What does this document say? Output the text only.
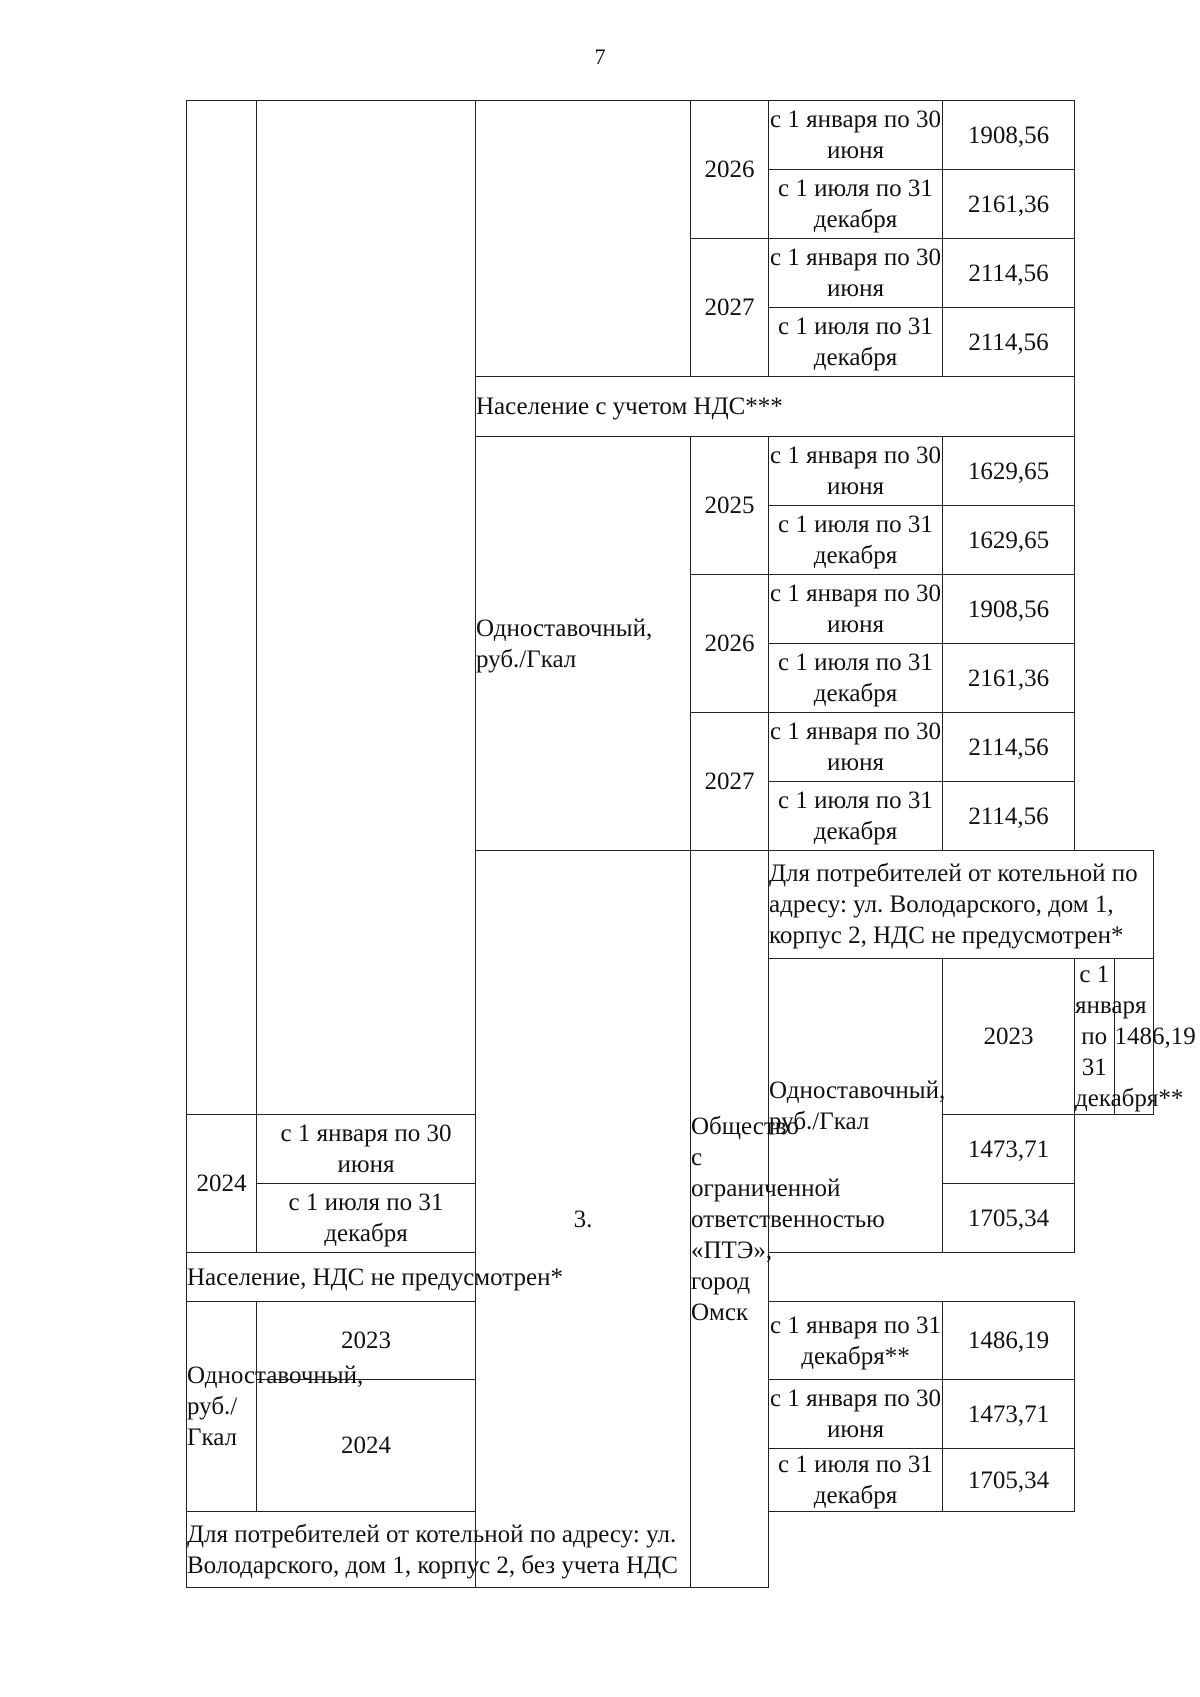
7
			2026	с 1 января по 30 июня	1908,56		
				с 1 июля по 31 декабря	2161,36		
			2027	с 1 января по 30 июня	2114,56		
				с 1 июля по 31 декабря	2114,56		
		Население с учетом НДС***					
		Одноставочный, руб./Гкал	2025	с 1 января по 30 июня	1629,65		
				с 1 июля по 31 декабря	1629,65		
			2026	с 1 января по 30 июня	1908,56		
				с 1 июля по 31 декабря	2161,36		
			2027	с 1 января по 30 июня	2114,56		
				с 1 июля по 31 декабря	2114,56		
		3.	Общество с ограниченной ответственностью «ПТЭ», город Омск	Для потребителей от котельной по адресу: ул. Володарского, дом 1, корпус 2, НДС не предусмотрен*			
				Одноставочный, руб./Гкал	2023	с 1 января по 31 декабря**	1486,19
2024	с 1 января по 30 июня				1473,71		
	с 1 июля по 31 декабря				1705,34		
Население, НДС не предусмотрен*							
Одноставочный, руб./Гкал	2023			с 1 января по 31 декабря**	1486,19		
	2024			с 1 января по 30 июня	1473,71		
				с 1 июля по 31 декабря	1705,34		
Для потребителей от котельной по адресу: ул. Володарского, дом 1, корпус 2, без учета НДС							
